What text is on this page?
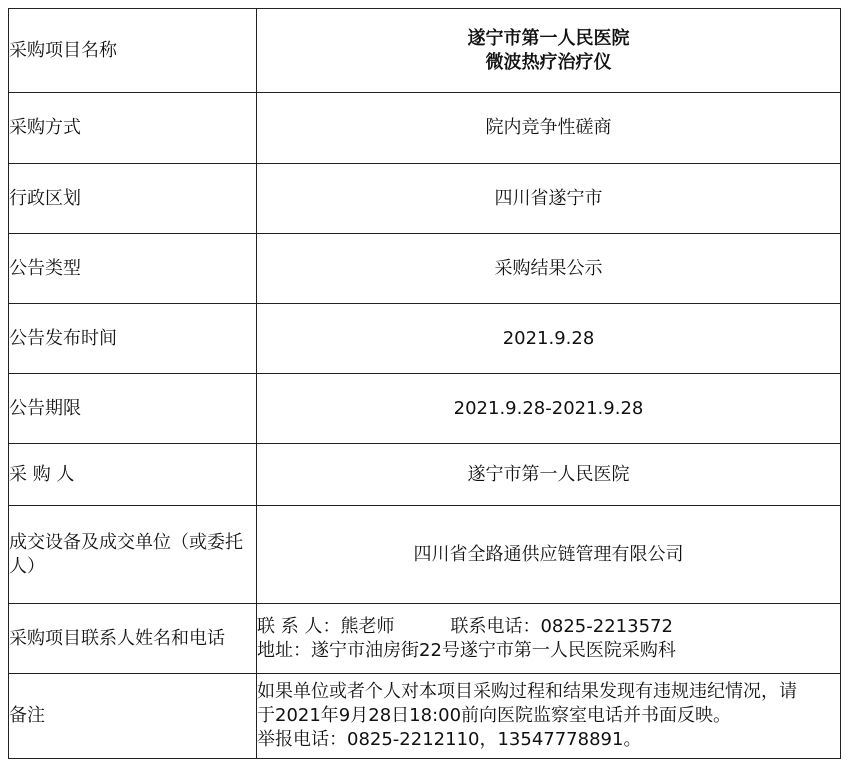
采购项目名称	遂宁市第一人民医院
微波热疗治疗仪

采购方式	院内竞争性磋商
行政区划	四川省遂宁市
公告类型	采购结果公示
公告发布时间	2021.9.28
公告期限	2021.9.28-2021.9.28
采 购 人	遂宁市第一人民医院
成交设备及成交单位（或委托人）	四川省全路通供应链管理有限公司
采购项目联系人姓名和电话	联 系 人：熊老师 联系电话：0825-2213572
地址：遂宁市油房街22号遂宁市第一人民医院采购科

备注	如果单位或者个人对本项目采购过程和结果发现有违规违纪情况，请
于2021年9月28日18:00前向医院监察室电话并书面反映。
举报电话：0825-2212110，13547778891。
